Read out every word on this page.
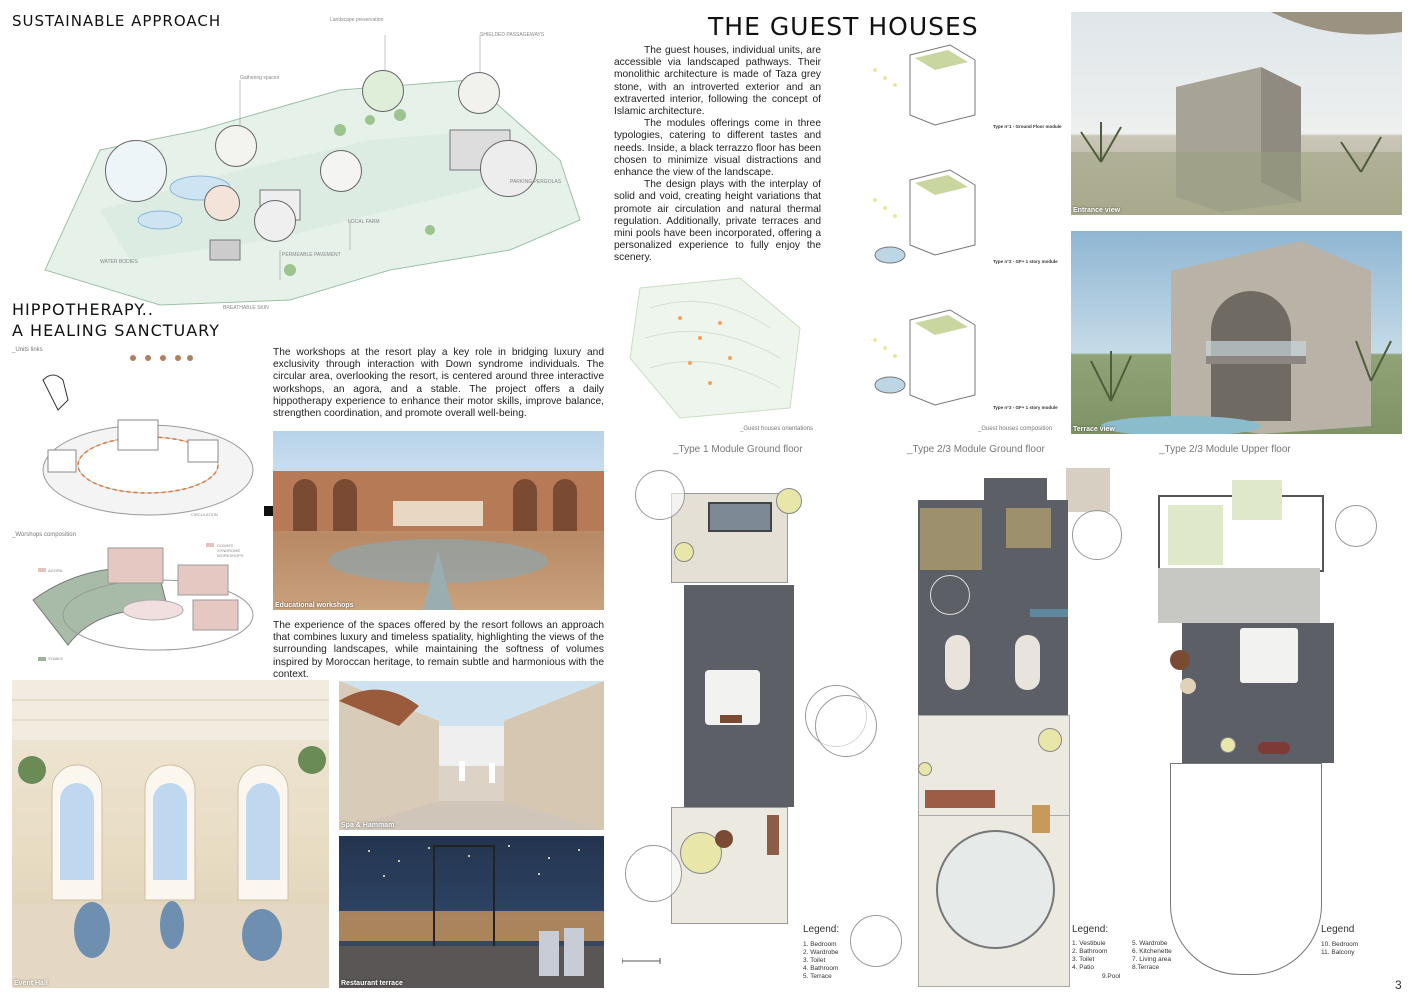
SUSTAINABLE APPROACH	Landscape preservation
SHIELDED PASSAGEWAYS
Gathering spaces
PARKING PERGOLAS
LOCAL FARM
PERMEABLE PAVEMENT
WATER BODIES
BREATHABLE SKIN
HIPPOTHERAPY..
A HEALING SANCTUARY
_Units links
CIRCULATION
_Worshops composition
AGORA
STABLE
DOWN'S SYNDROME WORKSHOPS
The workshops at the resort play a key role in bridging luxury and exclusivity through interaction with Down syndrome individuals. The circular area, overlooking the resort, is centered around three interactive workshops, an agora, and a stable. The project offers a daily hippotherapy experience to enhance their motor skills, improve balance, strengthen coordination, and promote overall well-being.
Educational workshops
The experience of the spaces offered by the resort follows an approach that combines luxury and timeless spatiality, highlighting the views of the surrounding landscapes, while maintaining the softness of volumes inspired by Moroccan heritage, to remain subtle and harmonious with the context.
Event Hall
Spa & Hammam
Restaurant terrace
THE GUEST HOUSES
The guest houses, individual units, are accessible via landscaped pathways. Their monolithic architecture is made of Taza grey stone, with an introverted exterior and an extraverted interior, following the concept of Islamic architecture.
The modules offerings come in three typologies, catering to different tastes and needs. Inside, a black terrazzo floor has been chosen to minimize visual distractions and enhance the view of the landscape.
The design plays with the interplay of solid and void, creating height variations that promote air circulation and natural thermal regulation. Additionally, private terraces and mini pools have been incorporated, offering a personalized experience to fully enjoy the scenery.
Type n°1 - Ground Floor module
Type n°2 - GF+ 1 story module
Type n°3 - GF+ 1 story module
_Guest houses orientations	_Guest houses composition
Entrance view
Terrace view
_Type 1 Module Ground floor	_Type 2/3 Module Ground floor	_Type 2/3 Module Upper floor
Legend:
1. Bedroom
2. Wardrobe
3. Toilet
4. Bathroom
5. Terrace
Legend:
1. Vestibule
2. Bathroom
3. Toilet
4. Patio
5. Wardrobe
6. Kitchenette
7. Living area
8.Terrace
9.Pool
Legend
10. Bedroom
11. Balcony
3
